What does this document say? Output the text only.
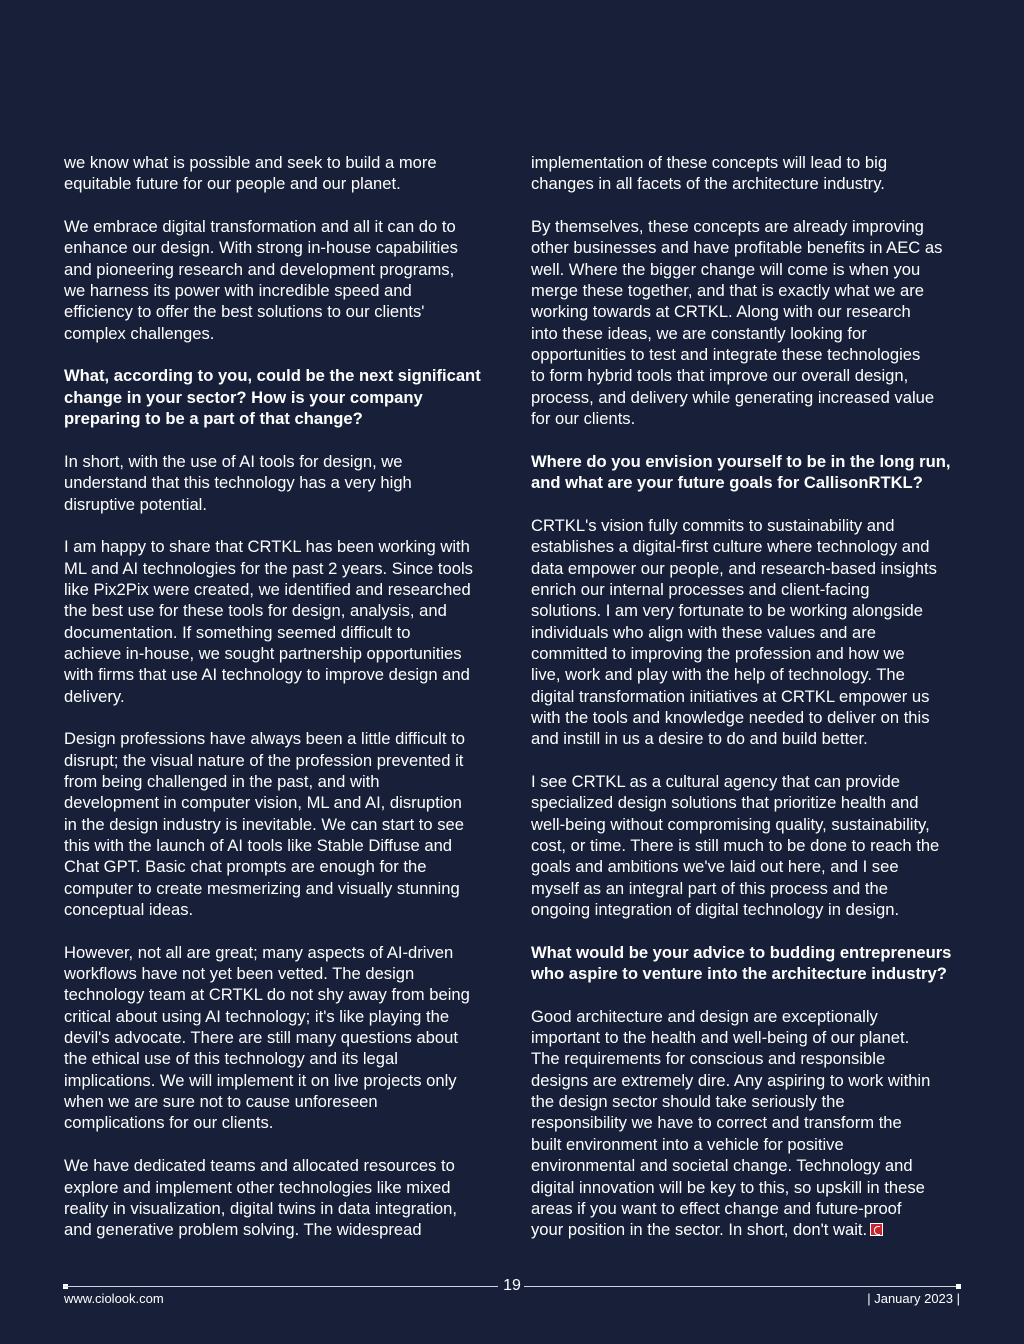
we know what is possible and seek to build a more
equitable future for our people and our planet.

We embrace digital transformation and all it can do to
enhance our design. With strong in-house capabilities
and pioneering research and development programs,
we harness its power with incredible speed and
efficiency to offer the best solutions to our clients'
complex challenges.

What, according to you, could be the next significant
change in your sector? How is your company
preparing to be a part of that change?

In short, with the use of AI tools for design, we
understand that this technology has a very high
disruptive potential.

I am happy to share that CRTKL has been working with
ML and AI technologies for the past 2 years. Since tools
like Pix2Pix were created, we identified and researched
the best use for these tools for design, analysis, and
documentation. If something seemed difficult to
achieve in-house, we sought partnership opportunities
with firms that use AI technology to improve design and
delivery.

Design professions have always been a little difficult to
disrupt; the visual nature of the profession prevented it
from being challenged in the past, and with
development in computer vision, ML and AI, disruption
in the design industry is inevitable. We can start to see
this with the launch of AI tools like Stable Diffuse and
Chat GPT. Basic chat prompts are enough for the
computer to create mesmerizing and visually stunning
conceptual ideas.

However, not all are great; many aspects of AI-driven
workflows have not yet been vetted. The design
technology team at CRTKL do not shy away from being
critical about using AI technology; it's like playing the
devil's advocate. There are still many questions about
the ethical use of this technology and its legal
implications. We will implement it on live projects only
when we are sure not to cause unforeseen
complications for our clients.

We have dedicated teams and allocated resources to
explore and implement other technologies like mixed
reality in visualization, digital twins in data integration,
and generative problem solving. The widespread

implementation of these concepts will lead to big
changes in all facets of the architecture industry.

By themselves, these concepts are already improving
other businesses and have profitable benefits in AEC as
well. Where the bigger change will come is when you
merge these together, and that is exactly what we are
working towards at CRTKL. Along with our research
into these ideas, we are constantly looking for
opportunities to test and integrate these technologies
to form hybrid tools that improve our overall design,
process, and delivery while generating increased value
for our clients.

Where do you envision yourself to be in the long run,
and what are your future goals for CallisonRTKL?

CRTKL's vision fully commits to sustainability and
establishes a digital-first culture where technology and
data empower our people, and research-based insights
enrich our internal processes and client-facing
solutions. I am very fortunate to be working alongside
individuals who align with these values and are
committed to improving the profession and how we
live, work and play with the help of technology. The
digital transformation initiatives at CRTKL empower us
with the tools and knowledge needed to deliver on this
and instill in us a desire to do and build better.

I see CRTKL as a cultural agency that can provide
specialized design solutions that prioritize health and
well-being without compromising quality, sustainability,
cost, or time. There is still much to be done to reach the
goals and ambitions we've laid out here, and I see
myself as an integral part of this process and the
ongoing integration of digital technology in design.

What would be your advice to budding entrepreneurs
who aspire to venture into the architecture industry?

Good architecture and design are exceptionally
important to the health and well-being of our planet.
The requirements for conscious and responsible
designs are extremely dire. Any aspiring to work within
the design sector should take seriously the
responsibility we have to correct and transform the
built environment into a vehicle for positive
environmental and societal change. Technology and
digital innovation will be key to this, so upskill in these
areas if you want to effect change and future-proof
your position in the sector. In short, don't wait.

19
www.ciolook.com	| January 2023 |
